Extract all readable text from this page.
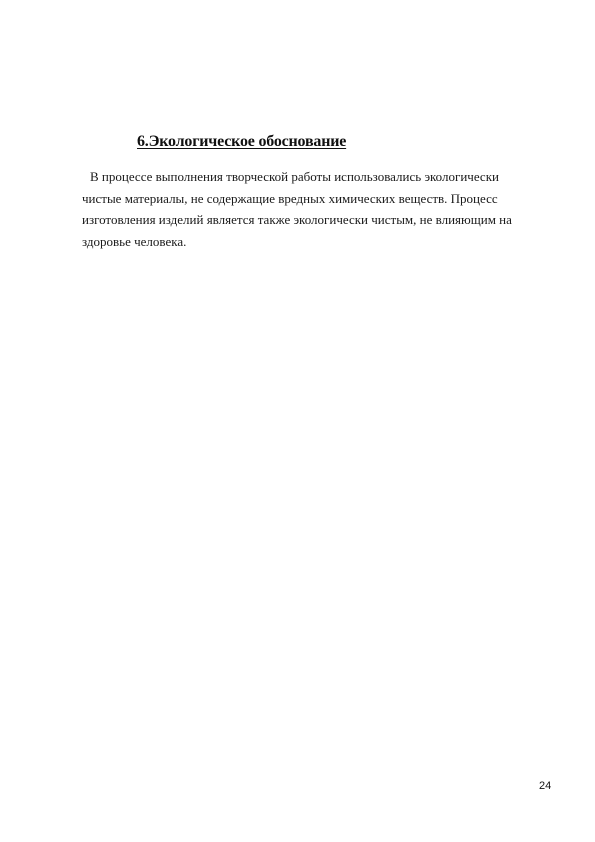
6.Экологическое обоснование

В процессе выполнения творческой работы использовались экологически
чистые материалы, не содержащие вредных химических веществ. Процесс
изготовления изделий является также экологически чистым, не влияющим на
здоровье человека.

24
